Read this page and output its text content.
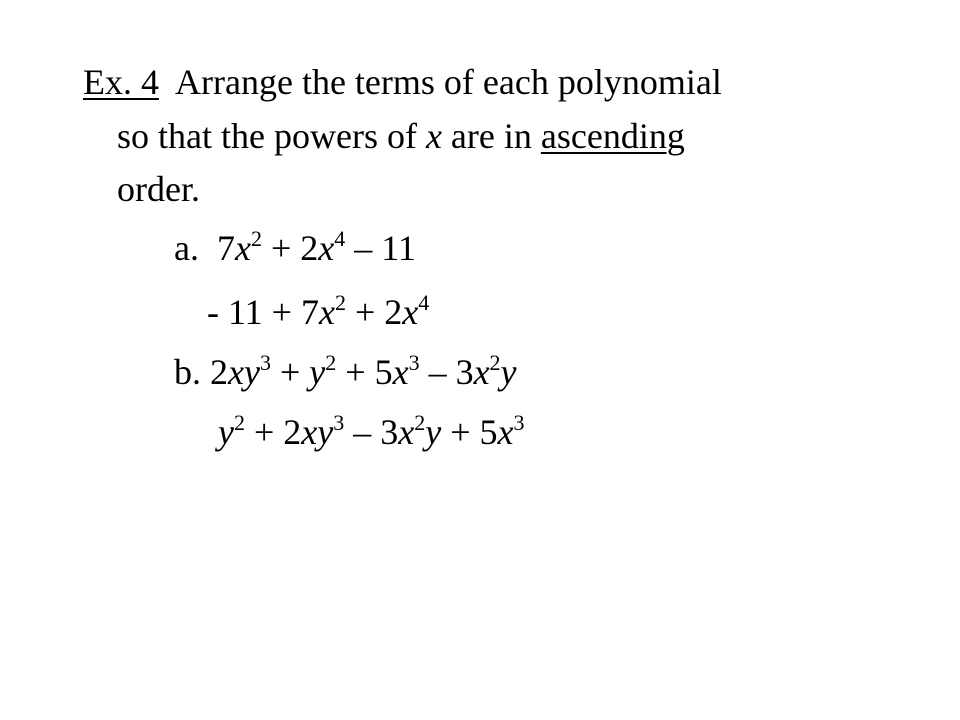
Ex. 4  Arrange the terms of each polynomial
so that the powers of x are in ascending
order.
a.  $7x^2 + 2x^4 - 11$
- $11 + 7x^2 + 2x^4$
b. $2xy^3 + y^2 + 5x^3 - 3x^2y$
$y^2 + 2xy^3 - 3x^2y + 5x^3$
